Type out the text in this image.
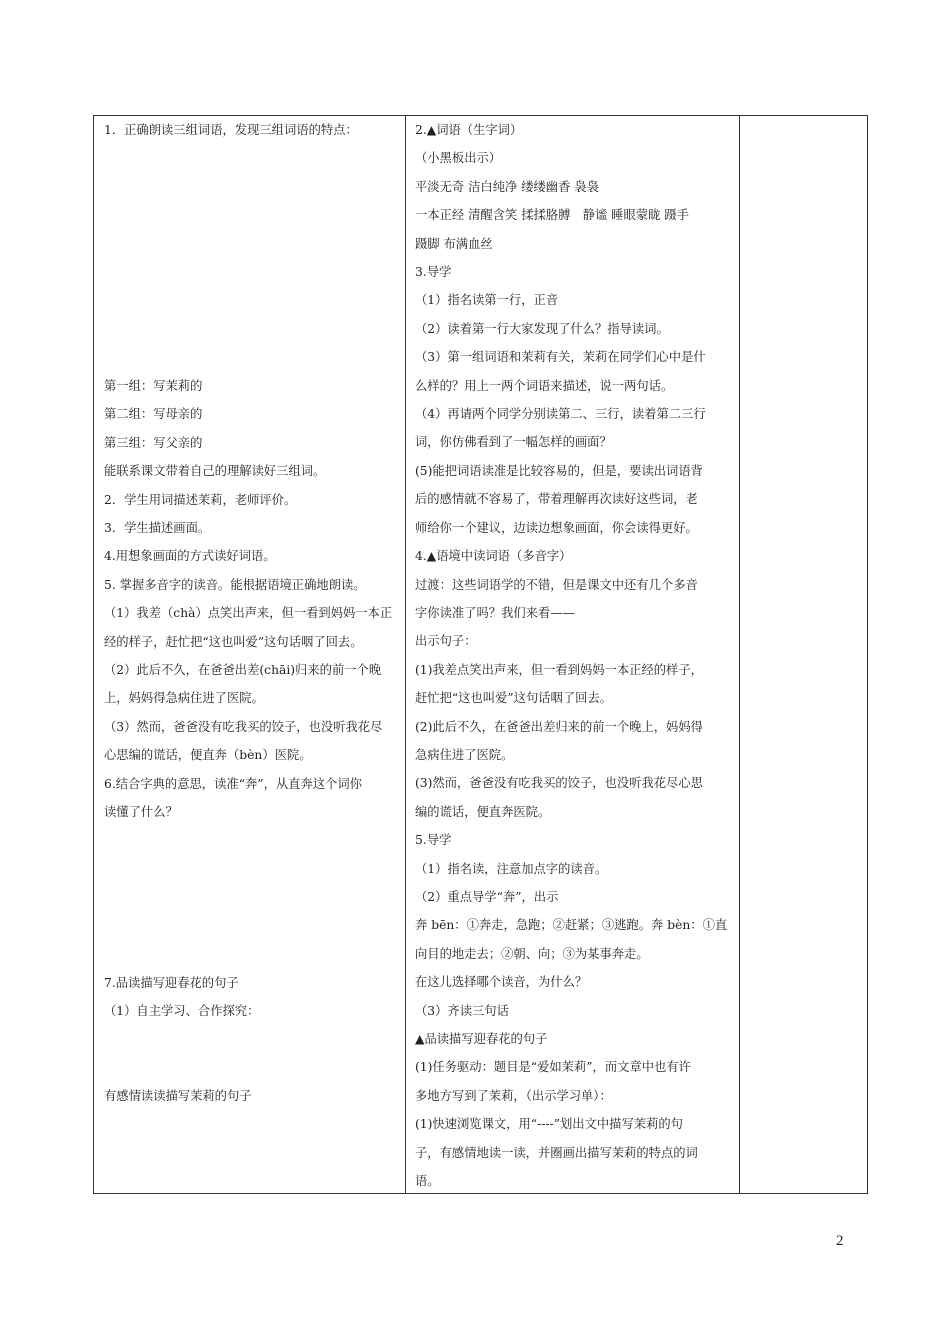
1．正确朗读三组词语，发现三组词语的特点：
第一组：写茉莉的
第二组：写母亲的
第三组：写父亲的
能联系课文带着自己的理解读好三组词。
2．学生用词描述茉莉，老师评价。
3．学生描述画面。
4.用想象画面的方式读好词语。
5. 掌握多音字的读音。能根据语境正确地朗读。
（1）我差（chà）点笑出声来，但一看到妈妈一本正
经的样子，赶忙把“这也叫爱”这句话咽了回去。
（2）此后不久，在爸爸出差(chāi)归来的前一个晚
上，妈妈得急病住进了医院。
（3）然而，爸爸没有吃我买的饺子，也没听我花尽
心思编的谎话，便直奔（bèn）医院。
6.结合字典的意思，读准“奔”，从直奔这个词你
读懂了什么？
7.品读描写迎春花的句子
（1）自主学习、合作探究：
有感情读读描写茉莉的句子
2.▲词语（生字词）
（小黑板出示）
平淡无奇 洁白纯净 缕缕幽香 袅袅
一本正经 清醒含笑 揉揉胳膊　静谧 睡眼蒙眬 蹑手
蹑脚 布满血丝
3.导学
（1）指名读第一行，正音
（2）读着第一行大家发现了什么？指导读词。
（3）第一组词语和茉莉有关，茉莉在同学们心中是什
么样的？用上一两个词语来描述，说一两句话。
（4）再请两个同学分别读第二、三行，读着第二三行
词，你仿佛看到了一幅怎样的画面？
(5)能把词语读准是比较容易的，但是，要读出词语背
后的感情就不容易了，带着理解再次读好这些词，老
师给你一个建议，边读边想象画面，你会读得更好。
4.▲语境中读词语（多音字）
过渡：这些词语学的不错，但是课文中还有几个多音
字你读准了吗？我们来看——
出示句子：
(1)我差点笑出声来，但一看到妈妈一本正经的样子，
赶忙把“这也叫爱”这句话咽了回去。
(2)此后不久，在爸爸出差归来的前一个晚上，妈妈得
急病住进了医院。
(3)然而，爸爸没有吃我买的饺子，也没听我花尽心思
编的谎话，便直奔医院。
5.导学
（1）指名读，注意加点字的读音。
（2）重点导学“奔”，出示
奔 bēn：①奔走，急跑；②赶紧；③逃跑。奔 bèn：①直
向目的地走去；②朝、向；③为某事奔走。
在这儿选择哪个读音，为什么？
（3）齐读三句话
▲品读描写迎春花的句子
(1)任务驱动：题目是“爱如茉莉”，而文章中也有许
多地方写到了茉莉，（出示学习单）：
(1)快速浏览课文，用“----”划出文中描写茉莉的句
子，有感情地读一读，并圈画出描写茉莉的特点的词
语。
2
